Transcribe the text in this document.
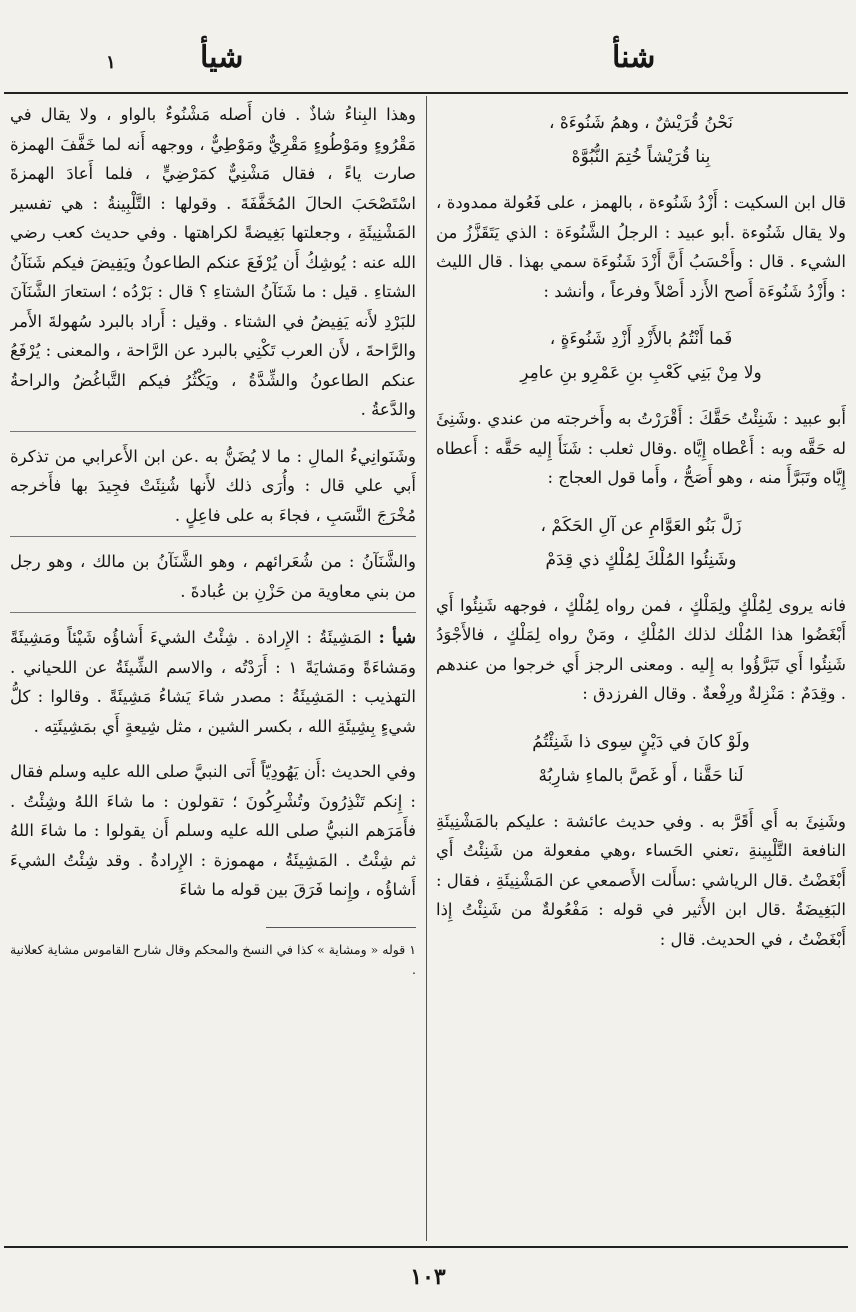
شنأ
شيأ
١
نَحْنُ قُرَيْشٌ ، وهمُ شَنُوءَهْ ،
بِنا قُرَيْشاً خُتِمَ النُّبُوَّهْ

قال ابن السكيت : أَزْدُ شَنُوءة ، بالهمز ، على فَعُولة ممدودة ، ولا يقال شَنُوءة .أبو عبيد : الرجلُ الشَّنُوءَة : الذي يَتَقَزَّزُ من الشيء . قال : وأَحْسَبُ أَنَّ أَزْدَ شَنُوءَة سمي بهذا . قال الليث : وأَزْدُ شَنُوءَة أَصح الأَزد أَصْلاً وفرعاً ، وأنشد :

فَما أَنْتُمُ بالأَزْدِ أَزْدِ شَنُوءَةٍ ،
ولا مِنْ بَنِي كَعْبِ بنِ عَمْرِو بنِ عامِرِ

أَبو عبيد : شَنِئْتُ حَقَّكَ : أَقْرَرْتُ به وأَخرجته من عندي .وشَنِئَ له حَقَّه وبه : أَعْطاه إِيَّاه .وقال ثعلب : شَنَأَ إِليه حَقَّه : أَعطاه إِيَّاه وتَبَرَّأَ منه ، وهو أَصَحُّ ، وأَما قول العجاج :

زَلَّ بَنُو العَوَّامِ عن آلِ الحَكَمْ ،
وشَنِئُوا المُلْكَ لِمُلْكٍ ذي قِدَمْ

فانه يروى لِمُلْكٍ ولِمَلْكٍ ، فمن رواه لِمُلْكٍ ، فوجهه شَنِئُوا أَي أَبْغَضُوا هذا المُلْك لذلك المُلْكِ ، ومَنْ رواه لِمَلْكٍ ، فالأَجْوَدُ شَنِئُوا أَي تَبَرَّؤُوا به إِليه . ومعنى الرجز أَي خرجوا من عندهم . وقِدَمٌ : مَنْزِلةٌ ورِفْعةٌ . وقال الفرزدق :

ولَوْ كانَ في دَيْنٍ سِوى ذا شَنِئْتُمُ
لَنا حَقَّنا ، أَو غَصَّ بالماءِ شارِبُهْ

وشَنِئَ به أَي أَقَرَّ به . وفي حديث عائشة : عليكم بالمَشْنِيئَةِ النافعة التَّلْبِينةِ ،تعني الحَساء ،وهي مفعولة من شَنِئْتُ أَي أَبْغَضْتُ .قال الرياشي :سأَلت الأَصمعي عن المَشْنِيئَةِ ، فقال : البَغِيضَةُ .قال ابن الأَثير في قوله : مَفْعُولةٌ من شَنِئْتُ إِذا أَبْغَضْتُ ، في الحديث. قال :

وهذا البِناءُ شاذٌ . فان أَصله مَشْنُوءٌ بالواو ، ولا يقال في مَقْرُوءٍ ومَوْطُوءٍ مَقْرِيٌّ ومَوْطِيٌّ ، ووجهه أَنه لما خَفَّفَ الهمزة صارت ياءً ، فقال مَشْنِيٌّ كمَرْضِيٍّ ، فلما أَعادَ الهمزةَ اسْتَصْحَبَ الحالَ المُخَفَّفَةَ . وقولها : التَّلْبِينةُ : هي تفسير المَشْنِيئَةِ ، وجعلتها بَغِيضةً لكراهتها . وفي حديث كعب رضي الله عنه : يُوشِكُ أَن يُرْفَعَ عنكم الطاعونُ ويَفِيضَ فيكم شَنَآنُ الشتاءِ . قيل : ما شَنَآنُ الشتاءِ ؟ قال : بَرْدُه ؛ استعارَ الشَّنَآنَ للبَرْدِ لأَنه يَفِيضُ في الشتاء . وقيل : أَراد بالبرد سُهولةَ الأَمر والرَّاحةَ ، لأَن العرب تَكْنِي بالبرد عن الرَّاحة ، والمعنى : يُرْفَعُ عنكم الطاعونُ والشِّدَّةُ ، ويَكْثُرُ فيكم التَّباغُضُ والراحةُ والدَّعةُ .

وشَنَوانِيءُ المالِ : ما لا يُضَنُّ به .عن ابن الأَعرابي من تذكرة أَبي علي قال : وأُرَى ذلك لأَنها شُنِئَتْ فجِيدَ بها فأَخرجه مُخْرَجَ النَّسَبِ ، فجاءَ به على فاعِلٍ .

والشَّنَآنُ : من شُعَرائهم ، وهو الشَّنَآنُ بن مالك ، وهو رجل من بني معاوية من حَزْنِ بن عُبادةَ .

شيأ : المَشِيئَةُ : الإِرادة . شِئْتُ الشيءَ أَشاؤُه شَيْئاً ومَشِيئَةً ومَشاءَةً ومَشايَةً ١ : أَرَدْتُه ، والاسم الشِّيئَةُ عن اللحياني . التهذيب : المَشِيئَةُ : مصدر شاءَ يَشاءُ مَشِيئَةً . وقالوا : كلُّ شيءٍ بِشِيئَةِ الله ، بكسر الشين ، مثل شِيعةٍ أَي بمَشِيئَتِه .

وفي الحديث :أَن يَهُودِيّاً أَتى النبيَّ صلى الله عليه وسلم فقال : إِنكم تَنْذِرُونَ وتُشْرِكُونَ ؛ تقولون : ما شاءَ اللهُ وشِئْتُ . فأَمَرَهم النبيُّ صلى الله عليه وسلم أَن يقولوا : ما شاءَ اللهُ ثم شِئْتُ . المَشِيئَةُ ، مهموزة : الإِرادةُ . وقد شِئْتُ الشيءَ أَشاؤُه ، وإِنما فَرَقَ بين قوله ما شاءَ

١ قوله « ومشاية » كذا في النسخ والمحكم وقال شارح القاموس مشاية كعلانية .

١٠٣
